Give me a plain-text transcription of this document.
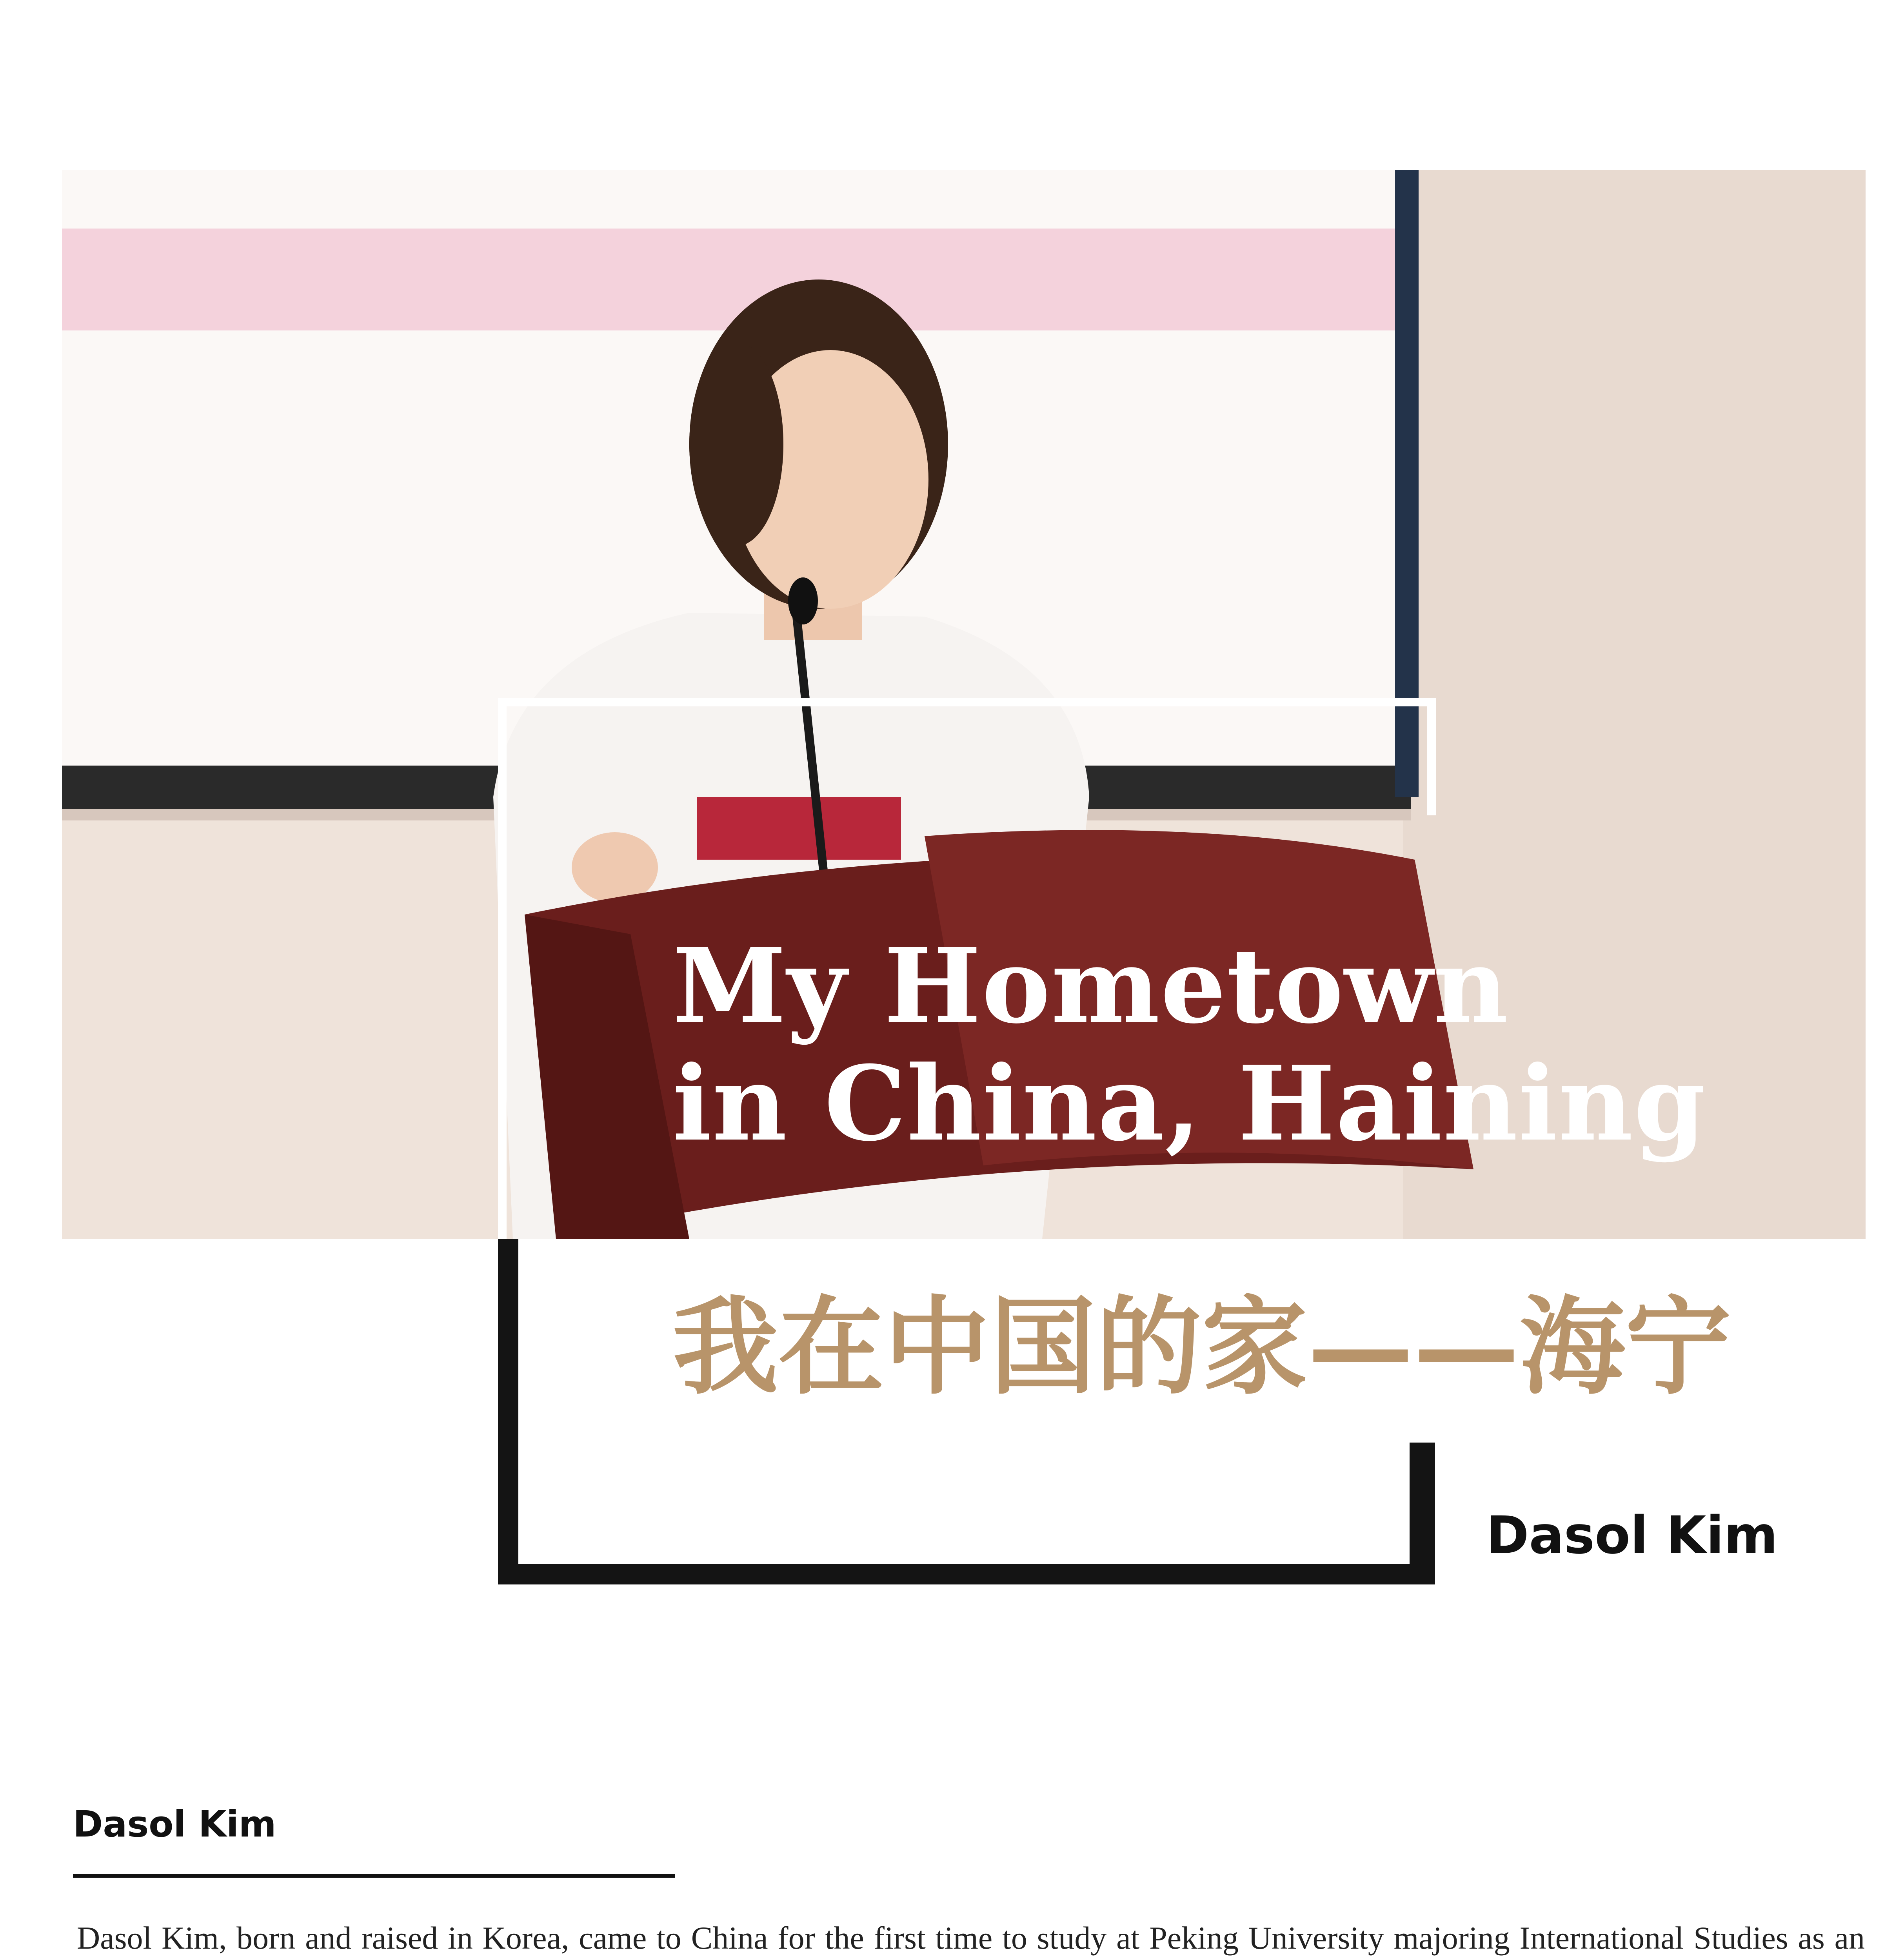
My Hometown
in China, Haining
我在中国的家——海宁
Dasol Kim
Dasol Kim

Dasol Kim, born and raised in Korea, came to China for the first time to study at Peking University majoring International Studies as an
